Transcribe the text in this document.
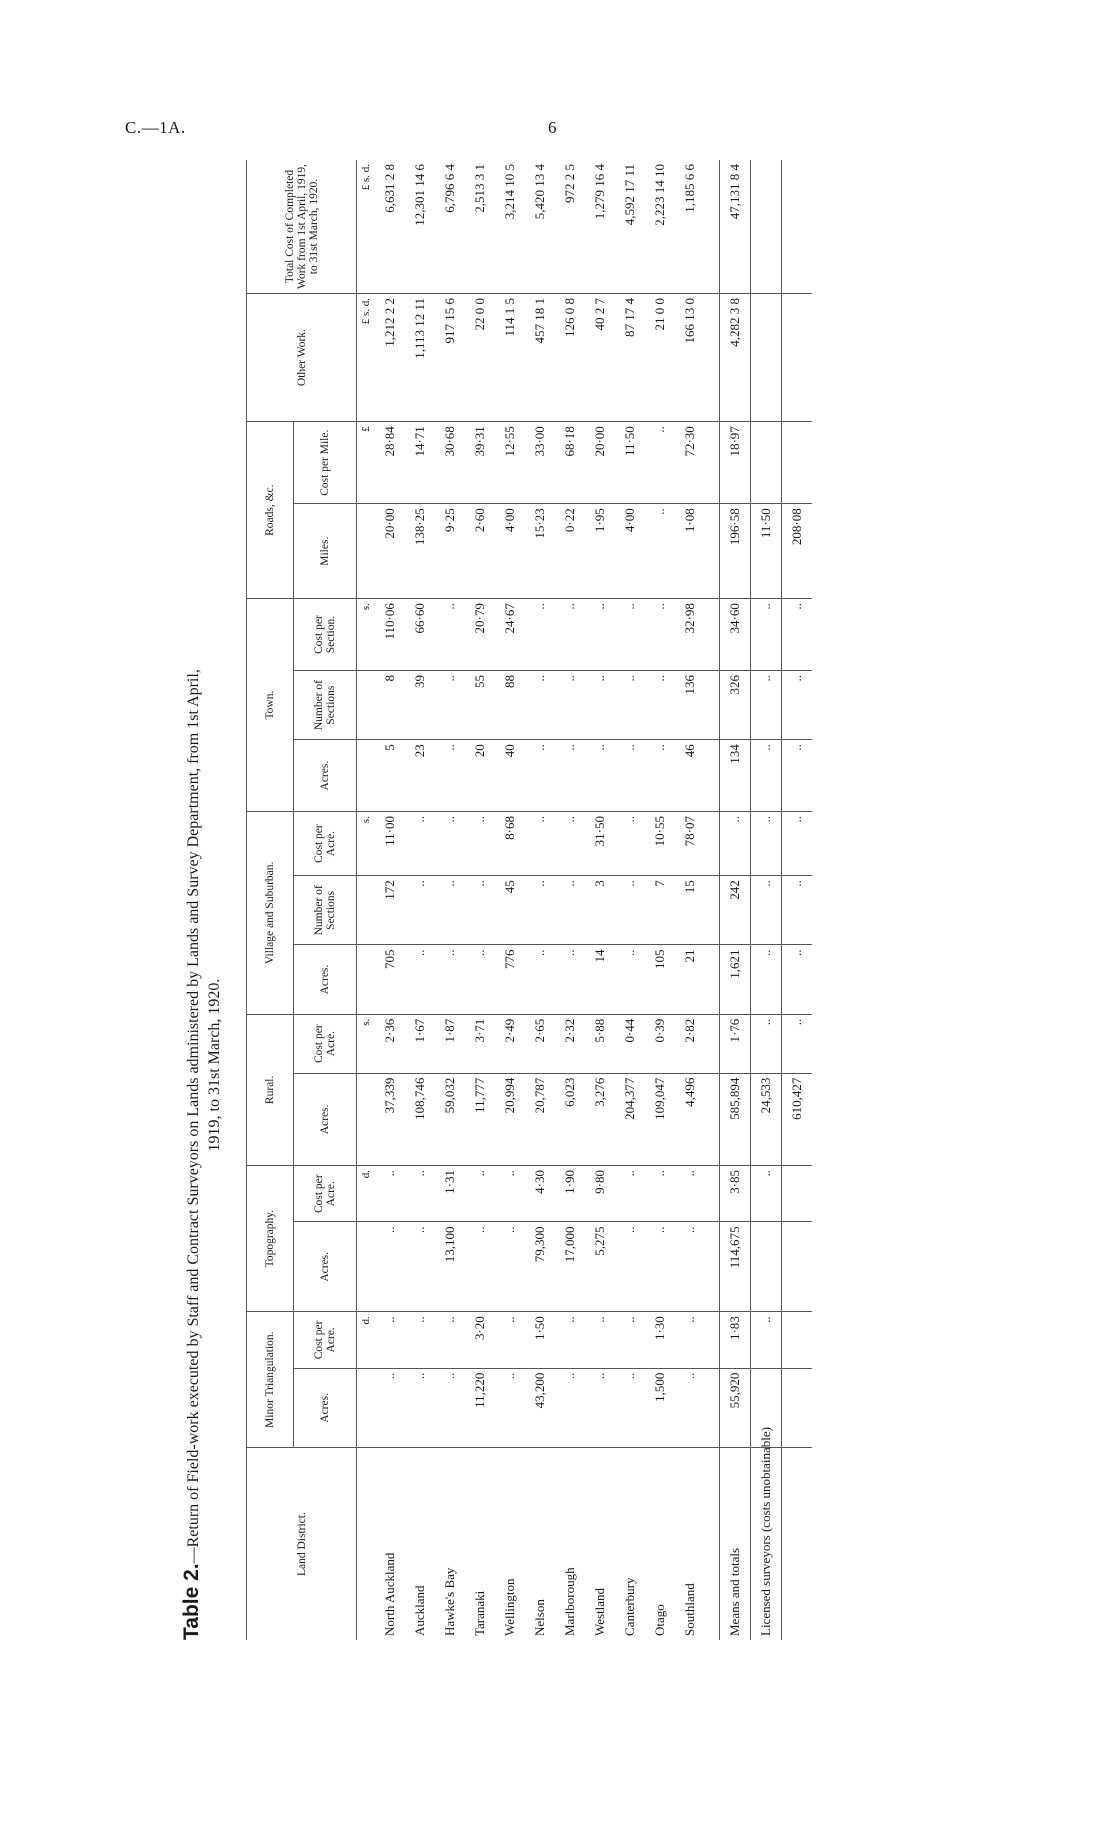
C.—1A.	6
Table 2.—Return of Field-work executed by Staff and Contract Surveyors on Lands administered by Lands and Survey Department, from 1st April, 1919, to 31st March, 1920.
Land District.	Minor Triangulation.		Topography.		Rural.		Village and Suburban.			Town.			Roads, &c.		Other Work.	Total Cost of Completed Work from 1st April, 1919, to 31st March, 1920.
	Acres.	Cost per Acre.	Acres.	Cost per Acre.	Acres.	Cost per Acre.	Acres.	Number of Sections	Cost per Acre.	Acres.	Number of Sections	Cost per Section.	Miles.	Cost per Mile.		
		d.		d.		s.			s.			s.		£	£ s. d.	£ s. d.
North Auckland	..	..	..	..	37,339	2·36	705	172	11·00	5	8	110·06	20·00	28·84	1,212 2 2	6,631 2 8
Auckland	..	..	..	..	108,746	1·67	..	..	..	23	39	66·60	138·25	14·71	1,113 12 11	12,301 14 6
Hawke's Bay	..	..	13,100	1·31	59,032	1·87	..	..	..	..	..	..	9·25	30·68	917 15 6	6,796 6 4
Taranaki	11,220	3·20	..	..	11,777	3·71	..	..	..	20	55	20·79	2·60	39·31	22 0 0	2,513 3 1
Wellington	..	..	..	..	20,994	2·49	776	45	8·68	40	88	24·67	4·00	12·55	114 1 5	3,214 10 5
Nelson	43,200	1·50	79,300	4·30	20,787	2·65	..	..	..	..	..	..	15·23	33·00	457 18 1	5,420 13 4
Marlborough	..	..	17,000	1·90	6,023	2·32	..	..	..	..	..	..	0·22	68·18	126 0 8	972 2 5
Westland	..	..	5,275	9·80	3,276	5·88	14	3	31·50	..	..	..	1·95	20·00	40 2 7	1,279 16 4
Canterbury	..	..	..	..	204,377	0·44	..	..	..	..	..	..	4·00	11·50	87 17 4	4,592 17 11
Otago	1,500	1·30	..	..	109,047	0·39	105	7	10·55	..	..	..	..	..	21 0 0	2,223 14 10
Southland	..	..	..	..	4,496	2·82	21	15	78·07	46	136	32·98	1·08	72·30	166 13 0	1,185 6 6

Means and totals	55,920	1·83	114,675	3·85	585,894	1·76	1,621	242	..	134	326	34·60	196·58	18·97	4,282 3 8	47,131 8 4
Licensed surveyors (costs unobtainable)		..		..	24,533	..	..	..	..	..	..	..	11·50			
					610,427	..	..	..	..	..	..	..	208·08			
